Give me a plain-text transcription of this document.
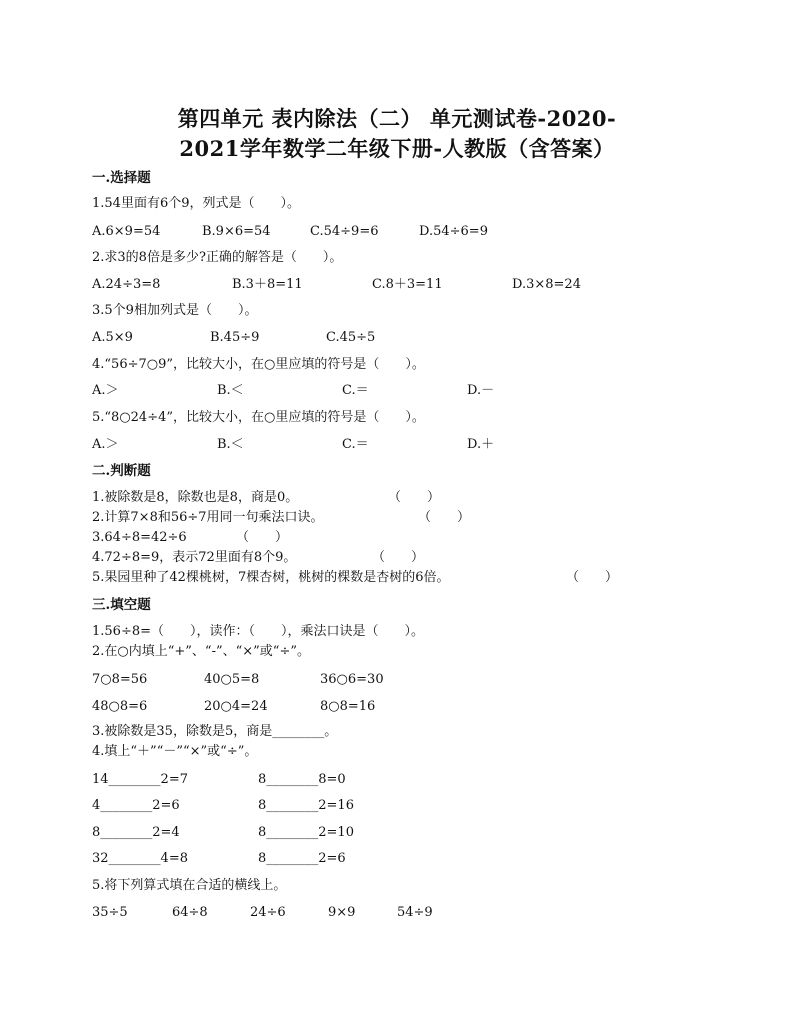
第四单元 表内除法（二） 单元测试卷-2020-
2021学年数学二年级下册-人教版（含答案）
一.选择题
1.54里面有6个9，列式是（　　）。
A.6×9=54	B.9×6=54	C.54÷9=6	D.54÷6=9
2.求3的8倍是多少?正确的解答是（　　）。
A.24÷3=8	B.3＋8=11	C.8＋3=11	D.3×8=24
3.5个9相加列式是（　　）。
A.5×9	B.45÷9	C.45÷5
4.“56÷7○9”，比较大小，在○里应填的符号是（　　）。
A.＞	B.＜	C.＝	D.－
5.“8○24÷4”，比较大小，在○里应填的符号是（　　）。
A.＞	B.＜	C.＝	D.＋
二.判断题
1.被除数是8，除数也是8，商是0。	（　　）
2.计算7×8和56÷7用同一句乘法口诀。	（　　）
3.64÷8=42÷6	（　　）
4.72÷8=9，表示72里面有8个9。	（　　）
5.果园里种了42棵桃树，7棵杏树，桃树的棵数是杏树的6倍。	（　　）
三.填空题
1.56÷8=（　　），读作：（　　），乘法口诀是（　　）。
2.在○内填上“+”、“-”、“×”或“÷”。
7○8=56	40○5=8	36○6=30
48○8=6	20○4=24	8○8=16
3.被除数是35，除数是5，商是________。
4.填上“＋”“－”“×”或“÷”。
14________2=7	8________8=0
4________2=6	8________2=16
8________2=4	8________2=10
32________4=8	8________2=6
5.将下列算式填在合适的横线上。
35÷5	64÷8	24÷6	9×9	54÷9
